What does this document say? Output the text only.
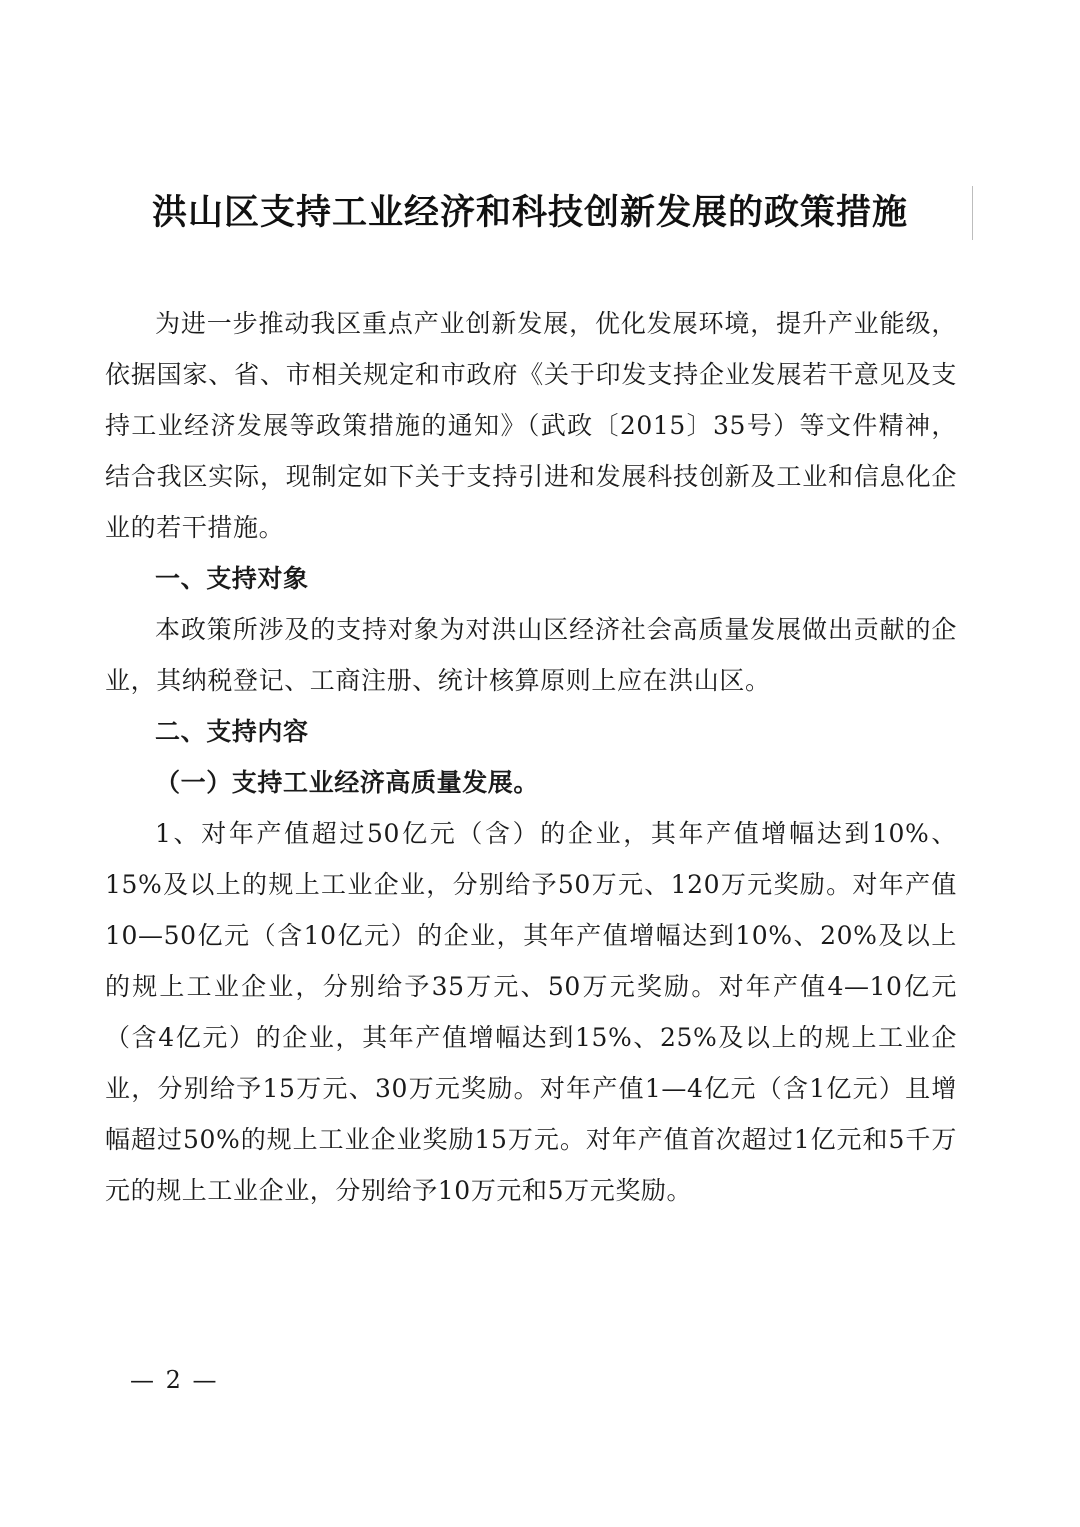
洪山区支持工业经济和科技创新发展的政策措施

为进一步推动我区重点产业创新发展，优化发展环境，提升产业能级，依据国家、省、市相关规定和市政府《关于印发支持企业发展若干意见及支持工业经济发展等政策措施的通知》（武政〔2015〕35号）等文件精神，结合我区实际，现制定如下关于支持引进和发展科技创新及工业和信息化企业的若干措施。

一、支持对象

本政策所涉及的支持对象为对洪山区经济社会高质量发展做出贡献的企业，其纳税登记、工商注册、统计核算原则上应在洪山区。

二、支持内容

（一）支持工业经济高质量发展。

1、对年产值超过50亿元（含）的企业，其年产值增幅达到10%、15%及以上的规上工业企业，分别给予50万元、120万元奖励。对年产值10—50亿元（含10亿元）的企业，其年产值增幅达到10%、20%及以上的规上工业企业，分别给予35万元、50万元奖励。对年产值4—10亿元（含4亿元）的企业，其年产值增幅达到15%、25%及以上的规上工业企业，分别给予15万元、30万元奖励。对年产值1—4亿元（含1亿元）且增幅超过50%的规上工业企业奖励15万元。对年产值首次超过1亿元和5千万元的规上工业企业，分别给予10万元和5万元奖励。

— 2 —
